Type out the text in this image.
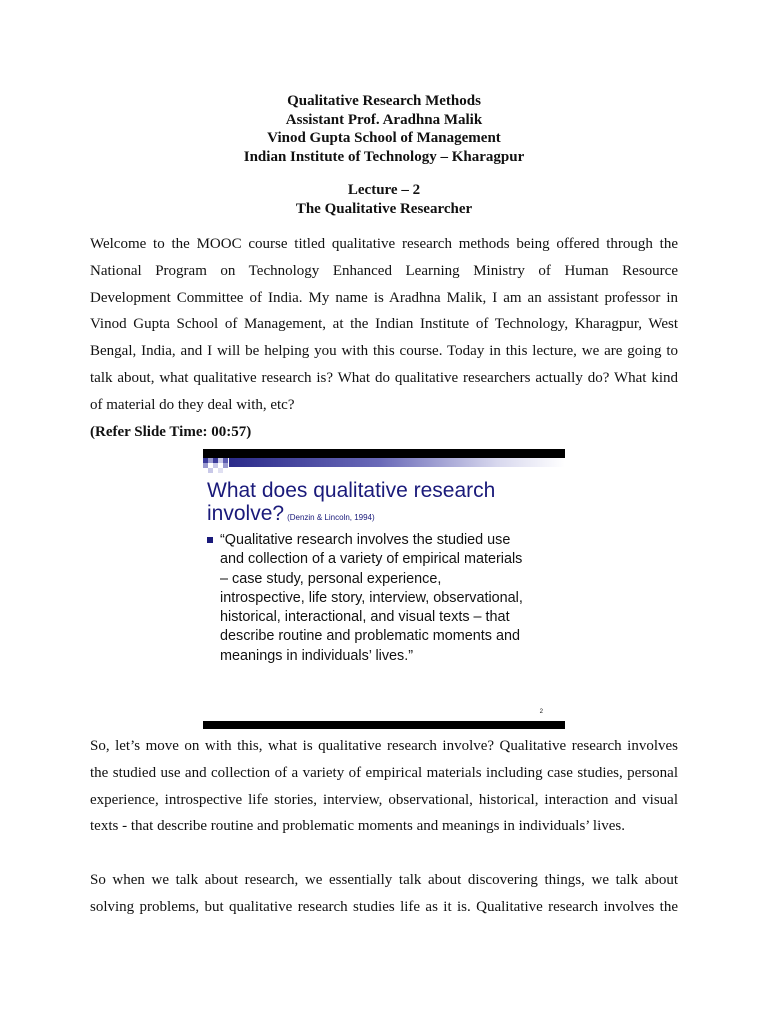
Qualitative Research Methods
Assistant Prof. Aradhna Malik
Vinod Gupta School of Management
Indian Institute of Technology – Kharagpur
Lecture – 2
The Qualitative Researcher
Welcome to the MOOC course titled qualitative research methods being offered through the
National Program on Technology Enhanced Learning Ministry of Human Resource
Development Committee of India. My name is Aradhna Malik, I am an assistant professor in
Vinod Gupta School of Management, at the Indian Institute of Technology, Kharagpur, West
Bengal, India, and I will be helping you with this course. Today in this lecture, we are going to
talk about, what qualitative research is? What do qualitative researchers actually do? What kind
of material do they deal with, etc?
(Refer Slide Time: 00:57)
What does qualitative research
involve? (Denzin & Lincoln, 1994)
“Qualitative research involves the studied use
and collection of a variety of empirical materials
– case study, personal experience,
introspective, life story, interview, observational,
historical, interactional, and visual texts – that
describe routine and problematic moments and
meanings in individuals’ lives.”
2
So, let’s move on with this, what is qualitative research involve? Qualitative research involves
the studied use and collection of a variety of empirical materials including case studies, personal
experience, introspective life stories, interview, observational, historical, interaction and visual
texts - that describe routine and problematic moments and meanings in individuals’ lives.
So when we talk about research, we essentially talk about discovering things, we talk about
solving problems, but qualitative research studies life as it is. Qualitative research involves the
